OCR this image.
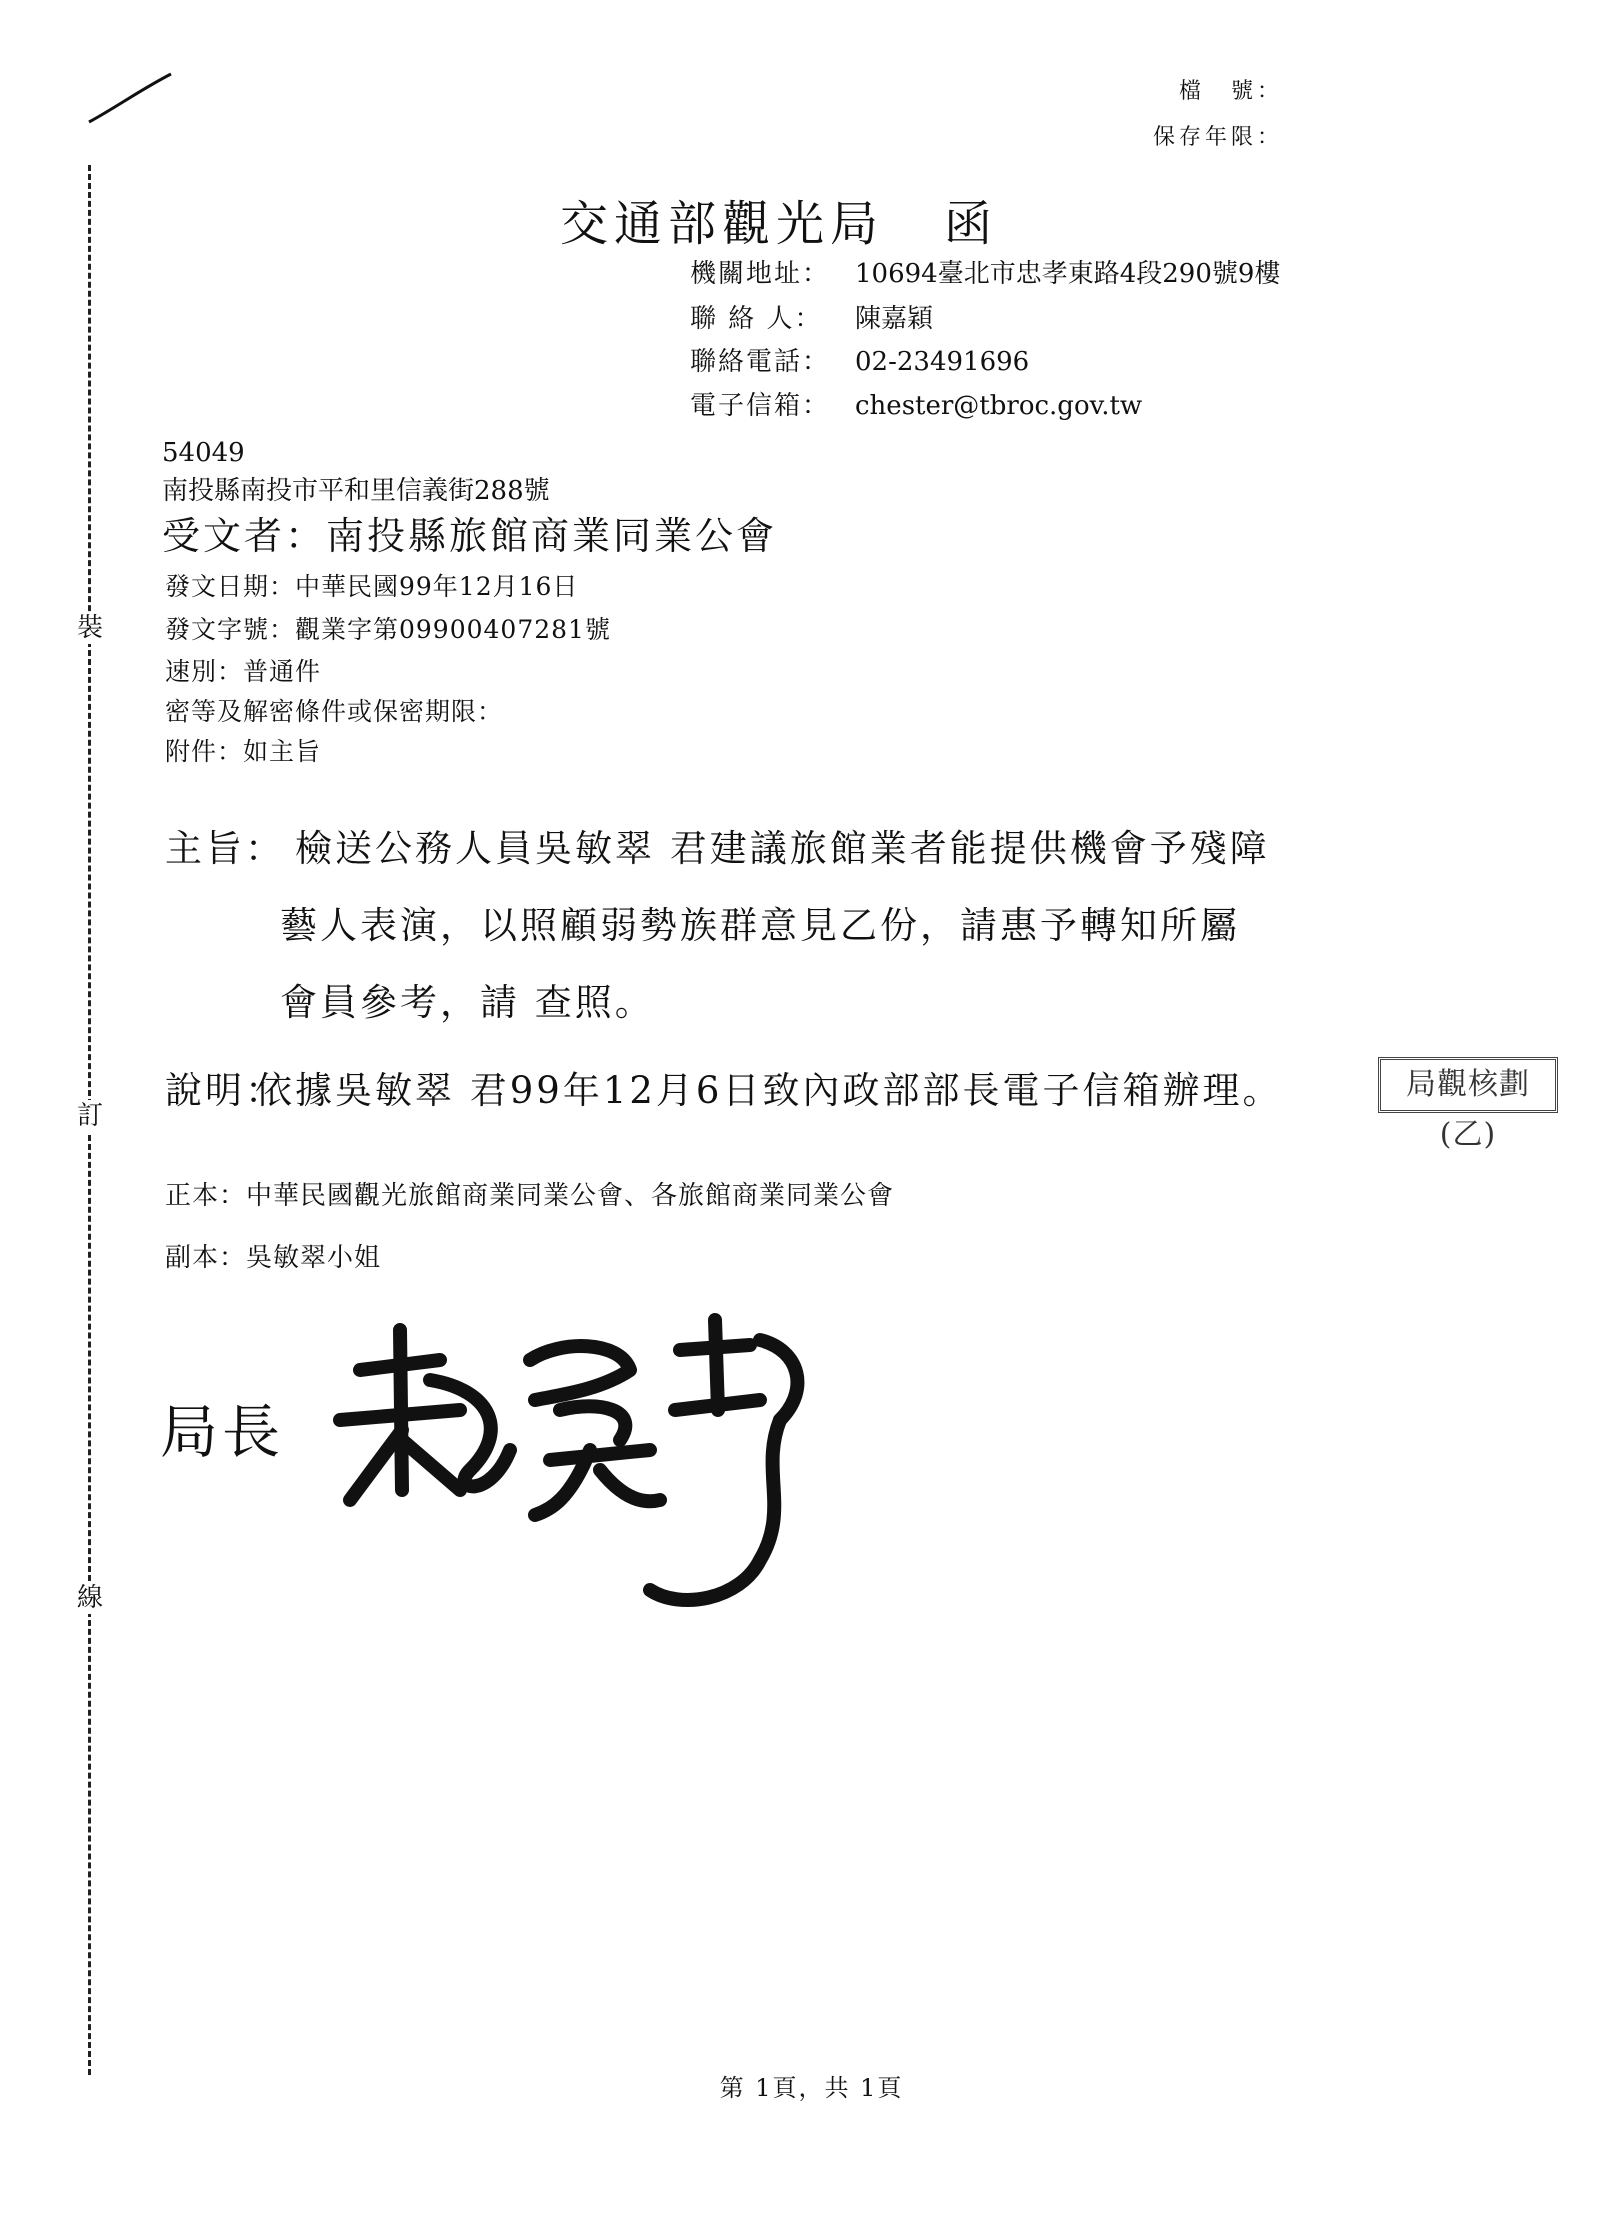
裝
訂
線
檔　號：
保存年限：
交通部觀光局 函
機關地址： 10694臺北市忠孝東路4段290號9樓
聯 絡 人： 陳嘉穎
聯絡電話： 02-23491696
電子信箱： chester@tbroc.gov.tw
54049
南投縣南投市平和里信義街288號
受文者：南投縣旅館商業同業公會
發文日期：中華民國99年12月16日
發文字號：觀業字第09900407281號
速別：普通件
密等及解密條件或保密期限：
附件：如主旨
主旨： 檢送公務人員吳敏翠 君建議旅館業者能提供機會予殘障
藝人表演，以照顧弱勢族群意見乙份，請惠予轉知所屬
會員參考，請 查照。
說明：依據吳敏翠 君99年12月6日致內政部部長電子信箱辦理。	局觀核劃(乙)
正本：中華民國觀光旅館商業同業公會、各旅館商業同業公會
副本：吳敏翠小姐
局長
第 1頁，共 1頁
